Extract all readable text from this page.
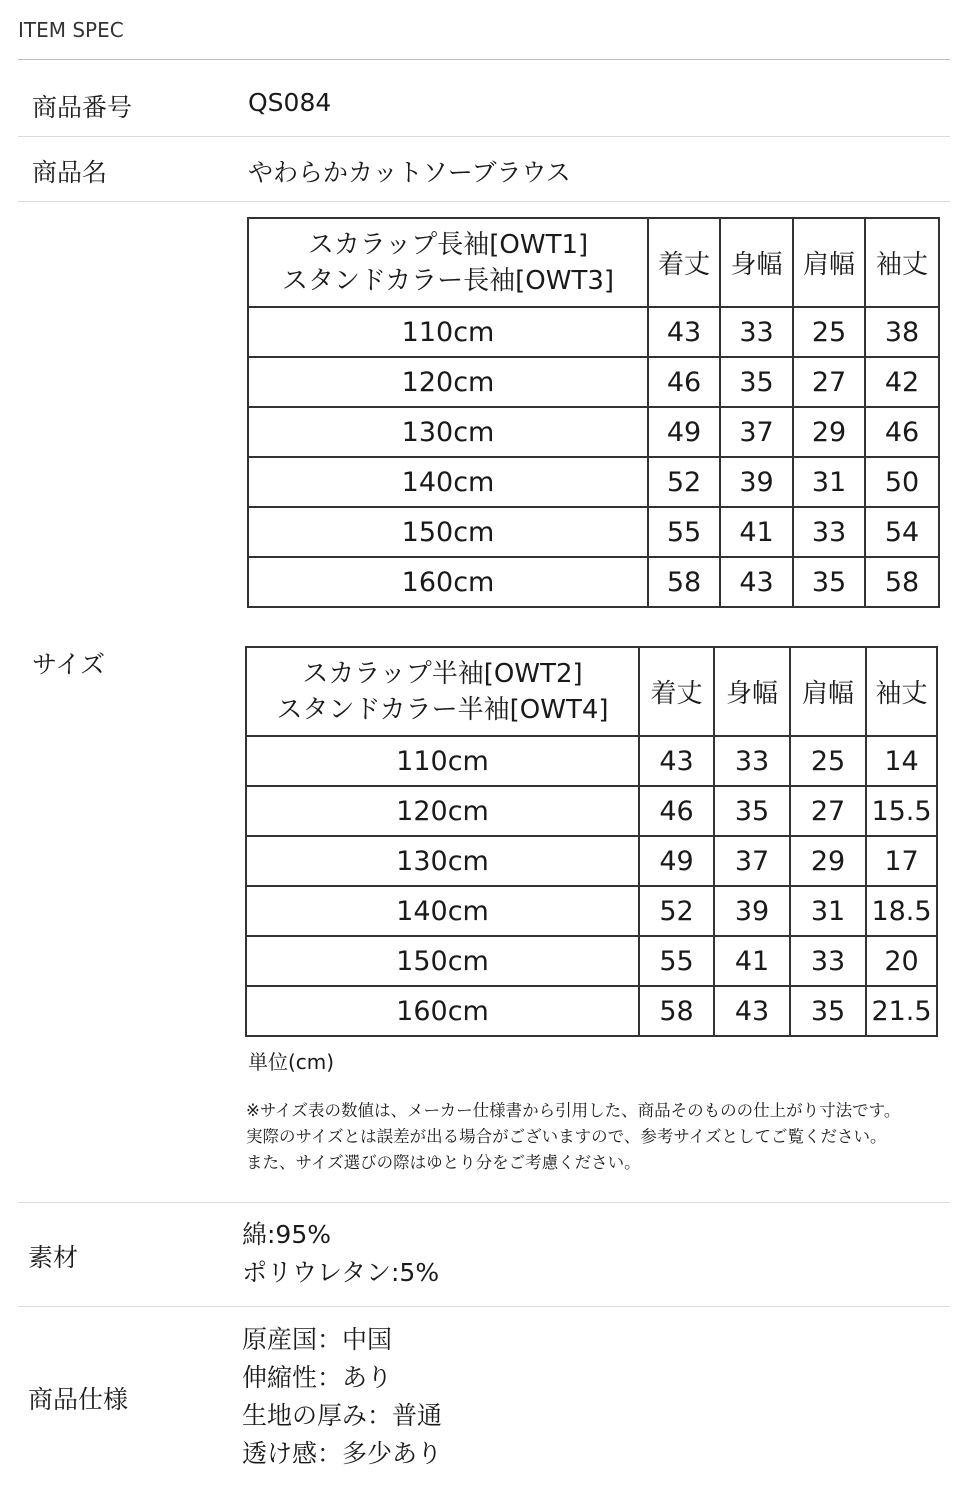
ITEM SPEC
商品番号	QS084
商品名	やわらかカットソーブラウス
サイズ
スカラップ長袖[OWT1]
スタンドカラー長袖[OWT3]	着丈	身幅	肩幅	袖丈
110cm	43	33	25	38
120cm	46	35	27	42
130cm	49	37	29	46
140cm	52	39	31	50
150cm	55	41	33	54
160cm	58	43	35	58
スカラップ半袖[OWT2]
スタンドカラー半袖[OWT4]	着丈	身幅	肩幅	袖丈
110cm	43	33	25	14
120cm	46	35	27	15.5
130cm	49	37	29	17
140cm	52	39	31	18.5
150cm	55	41	33	20
160cm	58	43	35	21.5
単位(cm)
※サイズ表の数値は、メーカー仕様書から引用した、商品そのものの仕上がり寸法です。
実際のサイズとは誤差が出る場合がございますので、参考サイズとしてご覧ください。
また、サイズ選びの際はゆとり分をご考慮ください。
素材
綿:95%
ポリウレタン:5%
商品仕様
原産国：中国
伸縮性：あり
生地の厚み：普通
透け感：多少あり
